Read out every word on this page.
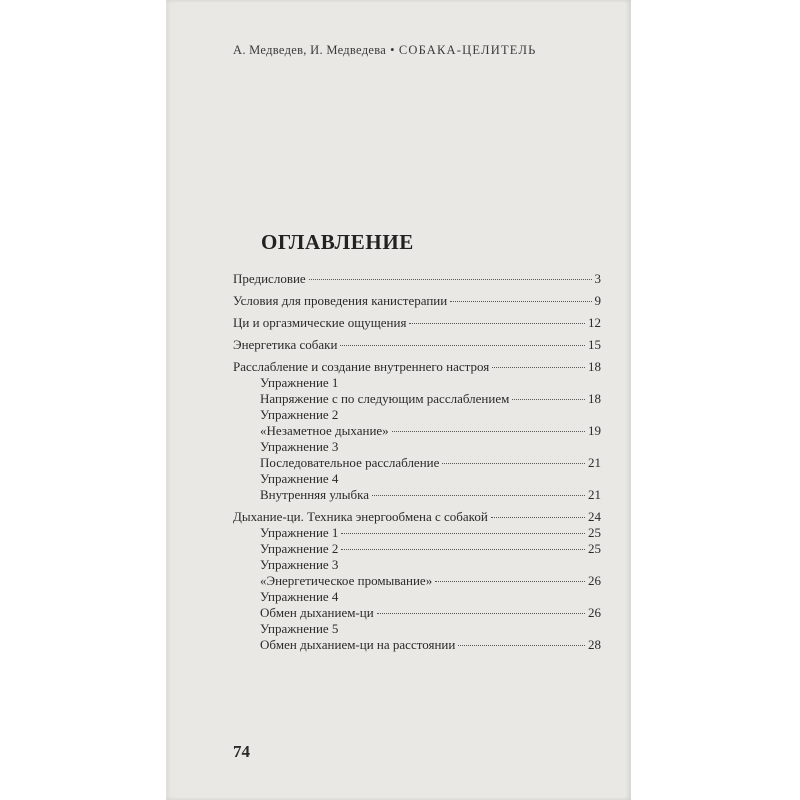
А. Медведев, И. Медведева • СОБАКА-ЦЕЛИТЕЛЬ
ОГЛАВЛЕНИЕ
Предисловие	3
Условия для проведения канистерапии	9
Ци и оргазмические ощущения	12
Энергетика собаки	15
Расслабление и создание внутреннего настроя	18
Упражнение 1
Напряжение с по следующим расслаблением	18
Упражнение 2
«Незаметное дыхание»	19
Упражнение 3
Последовательное расслабление	21
Упражнение 4
Внутренняя улыбка	21
Дыхание-ци. Техника энергообмена с собакой	24
Упражнение 1	25
Упражнение 2	25
Упражнение 3
«Энергетическое промывание»	26
Упражнение 4
Обмен дыханием-ци	26
Упражнение 5
Обмен дыханием-ци на расстоянии	28
74
